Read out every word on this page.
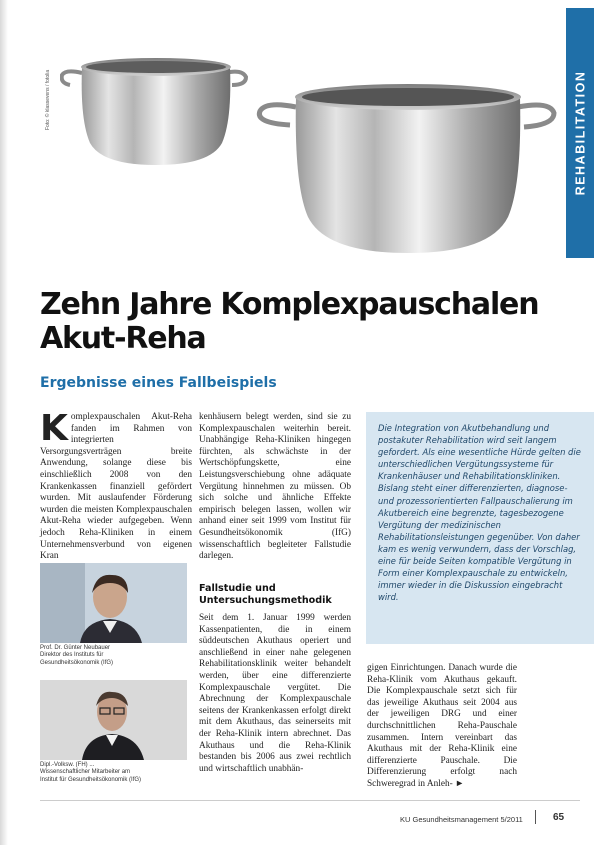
REHABILITATION
Foto: © klassevens / fotolia
Zehn Jahre Komplexpauschalen
Akut-Reha
Ergebnisse eines Fallbeispiels
K omplexpauschalen Akut-Reha fanden im Rahmen von integrierten Versorgungsverträgen breite Anwendung, solange diese bis einschließlich 2008 von den Krankenkassen finanziell gefördert wurden. Mit auslaufender Förderung wurden die meisten Komplexpauschalen Akut-Reha wieder aufgegeben. Wenn jedoch Reha-Kliniken in einem Unternehmensverbund von eigenen Kran
kenhäusern belegt werden, sind sie zu Komplexpauschalen weiterhin bereit. Unabhängige Reha-Kliniken hingegen fürchten, als schwächste in der Wertschöpfungskette, eine Leistungsverschiebung ohne adäquate Vergütung hinnehmen zu müssen. Ob sich solche und ähnliche Effekte empirisch belegen lassen, wollen wir anhand einer seit 1999 vom Institut für Gesundheitsökonomik (IfG) wissenschaftlich begleiteter Fallstudie darlegen.
Fallstudie und Untersuchungsmethodik
Seit dem 1. Januar 1999 werden Kassenpatienten, die in einem süddeutschen Akuthaus operiert und anschließend in einer nahe gelegenen Rehabilitationsklinik weiter behandelt werden, über eine differenzierte Komplexpauschale vergütet. Die Abrechnung der Komplexpauschale seitens der Krankenkassen erfolgt direkt mit dem Akuthaus, das seinerseits mit der Reha-Klinik intern abrechnet. Das Akuthaus und die Reha-Klinik bestanden bis 2006 aus zwei rechtlich und wirtschaftlich unabhän-
Die Integration von Akutbehandlung und postakuter Rehabilitation wird seit langem gefordert. Als eine wesentliche Hürde gelten die unterschiedlichen Vergütungssysteme für Krankenhäuser und Rehabilitationskliniken. Bislang steht einer differenzierten, diagnose- und prozessorientierten Fallpauschalierung im Akutbereich eine begrenzte, tagesbezogene Vergütung der medizinischen Rehabilitationsleistungen gegenüber. Von daher kam es wenig verwundern, dass der Vorschlag, eine für beide Seiten kompatible Vergütung in Form einer Komplexpauschale zu entwickeln, immer wieder in die Diskussion eingebracht wird.
gigen Einrichtungen. Danach wurde die Reha-Klinik vom Akuthaus gekauft. Die Komplexpauschale setzt sich für das jeweilige Akuthaus seit 2004 aus der jeweiligen DRG und einer durchschnittlichen Reha-Pauschale zusammen. Intern vereinbart das Akuthaus mit der Reha-Klinik eine differenzierte Pauschale. Die Differenzierung erfolgt nach Schweregrad in Anleh- ►
Prof. Dr. Günter Neubauer
Direktor des Instituts für
Gesundheitsökonomik (IfG)
Dipl.-Volksw. (FH) ...
Wissenschaftlicher Mitarbeiter am
Institut für Gesundheitsökonomik (IfG)
KU Gesundheitsmanagement 5/2011	65
